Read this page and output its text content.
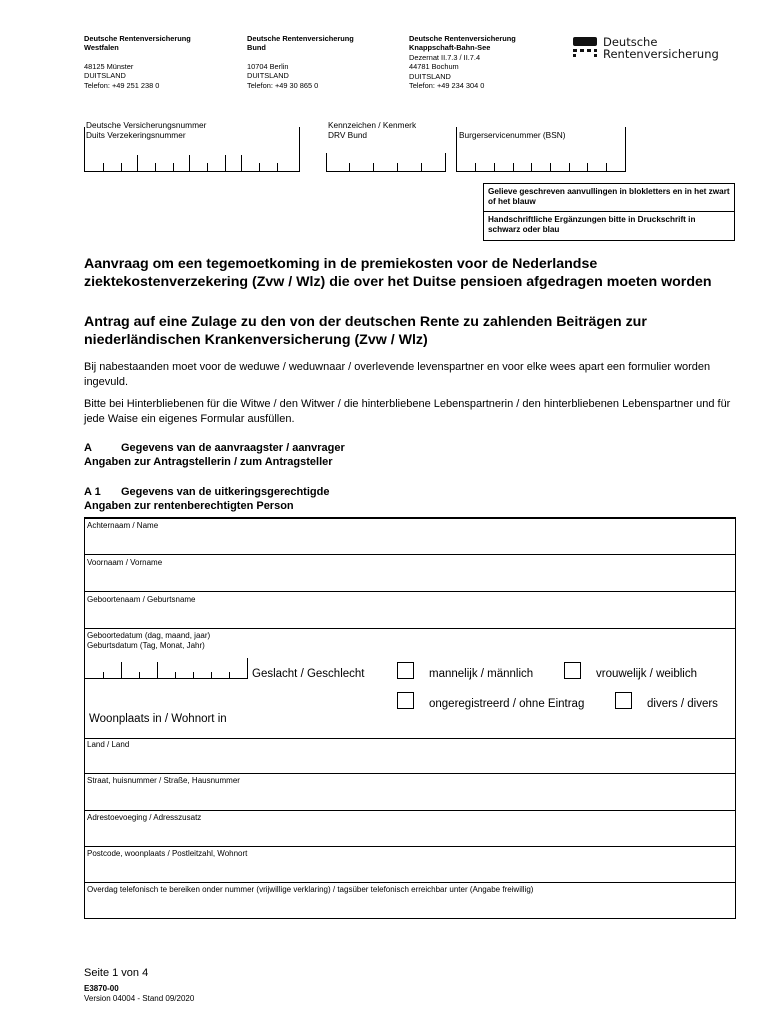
Deutsche Rentenversicherung
Westfalen
48125 Münster
DUITSLAND
Telefon: +49 251 238 0
Deutsche Rentenversicherung
Bund
10704 Berlin
DUITSLAND
Telefon: +49 30 865 0
Deutsche Rentenversicherung
Knappschaft-Bahn-See
Dezernat II.7.3 / II.7.4
44781 Bochum
DUITSLAND
Telefon: +49 234 304 0
Deutsche
Rentenversicherung
Deutsche Versicherungsnummer
Duits Verzekeringsnummer
Kennzeichen / Kenmerk
DRV Bund	Burgerservicenummer (BSN)
Gelieve geschreven aanvullingen in blokletters en in het zwart of het blauw
Handschriftliche Ergänzungen bitte in Druckschrift in schwarz oder blau
Aanvraag om een tegemoetkoming in de premiekosten voor de Nederlandse ziektekostenverzekering (Zvw / Wlz) die over het Duitse pensioen afgedragen moeten worden
Antrag auf eine Zulage zu den von der deutschen Rente zu zahlenden Beiträgen zur niederländischen Krankenversicherung (Zvw / Wlz)
Bij nabestaanden moet voor de weduwe / weduwnaar / overlevende levenspartner en voor elke wees apart een formulier worden ingevuld.
Bitte bei Hinterbliebenen für die Witwe / den Witwer / die hinterbliebene Lebenspartnerin / den hinterbliebenen Lebenspartner und für jede Waise ein eigenes Formular ausfüllen.
A	Gegevens van de aanvraagster / aanvrager
Angaben zur Antragstellerin / zum Antragsteller
A 1 Gegevens van de uitkeringsgerechtigde
Angaben zur rentenberechtigten Person
Achternaam / Name
Voornaam / Vorname
Geboortenaam / Geburtsname
Geboortedatum (dag, maand, jaar)
Geburtsdatum (Tag, Monat, Jahr)
Geslacht / Geschlecht	mannelijk / männlich	vrouwelijk / weiblich
ongeregistreerd / ohne Eintrag	divers / divers
Woonplaats in / Wohnort in
Land / Land
Straat, huisnummer / Straße, Hausnummer
Adrestoevoeging / Adresszusatz
Postcode, woonplaats / Postleitzahl, Wohnort
Overdag telefonisch te bereiken onder nummer (vrijwillige verklaring) / tagsüber telefonisch erreichbar unter (Angabe freiwillig)
Seite 1 von 4
E3870-00
Version 04004 - Stand 09/2020
